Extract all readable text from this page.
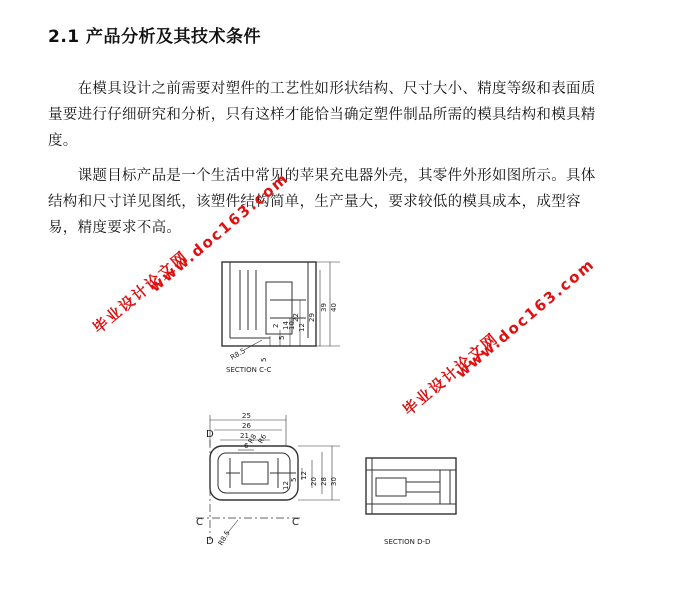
2.1 产品分析及其技术条件
　　在模具设计之前需要对塑件的工艺性如形状结构、尺寸大小、精度等级和表面质量要进行仔细研究和分析，只有这样才能恰当确定塑件制品所需的模具结构和模具精度。
　　课题目标产品是一个生活中常见的苹果充电器外壳，其零件外形如图所示。具体结构和尺寸详见图纸，该塑件结构简单，生产量大，要求较低的模具成本，成型容易，精度要求不高。
SECTION C-C
SECTION D-D
29
39 40
12
10
14
22
5
2
R8.5 5
25
26
21
R8
R6
6
12
20 28 30
5
12
R8.5
D
D
C	C
www.doc163.com
毕业设计论文网	www.doc163.com
毕业设计论文网
